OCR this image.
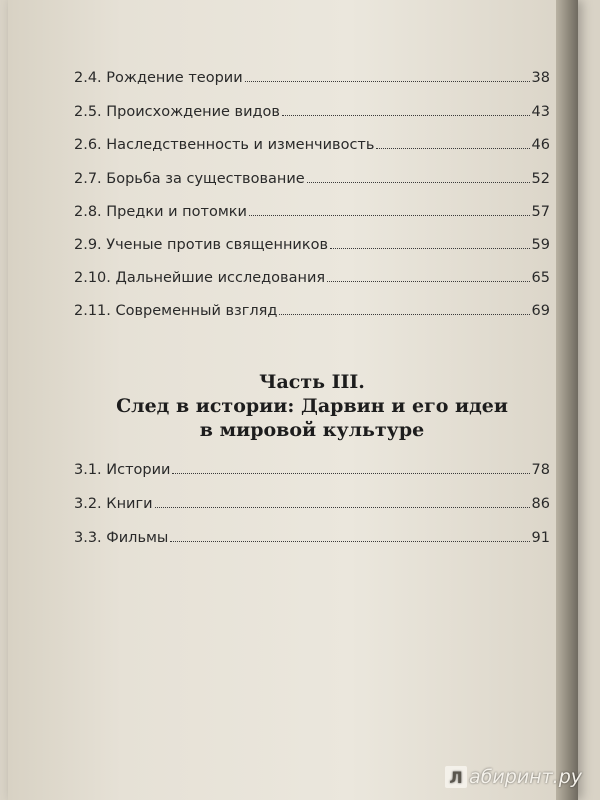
2.4. Рождение теории	38
2.5. Происхождение видов	43
2.6. Наследственность и изменчивость	46
2.7. Борьба за существование	52
2.8. Предки и потомки	57
2.9. Ученые против священников	59
2.10. Дальнейшие исследования	65
2.11. Современный взгляд	69
Часть III.
След в истории: Дарвин и его идеи
в мировой культуре
3.1. Истории	78
3.2. Книги	86
3.3. Фильмы	91
Л абиринт.ру
